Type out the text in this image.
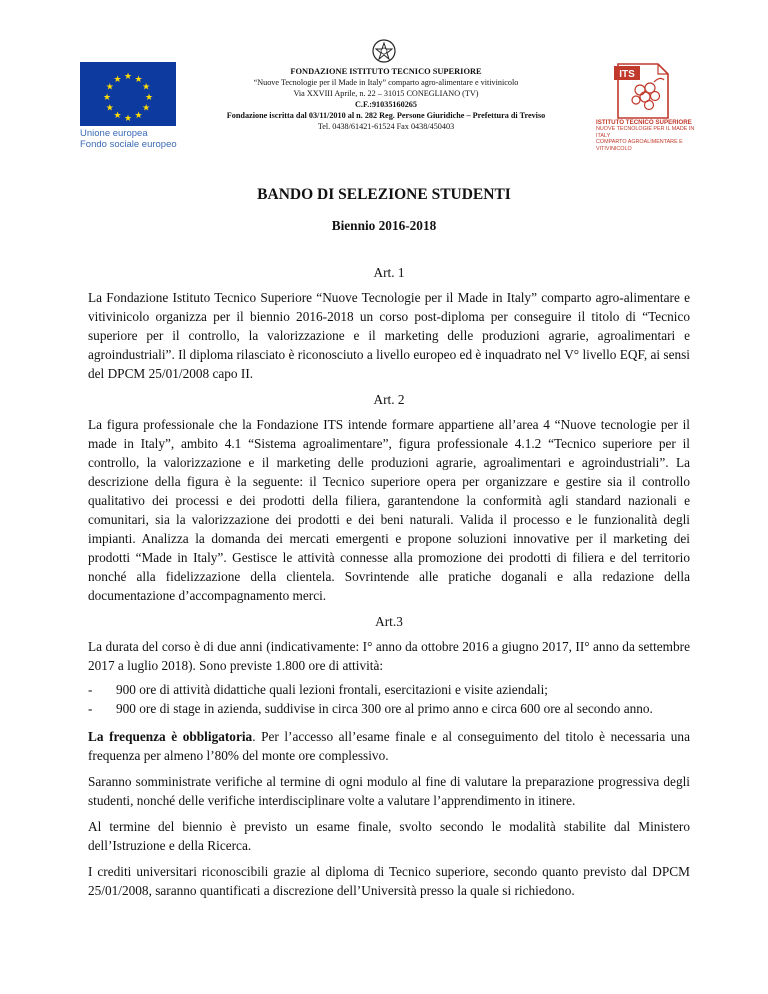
★ ★
★
★
★
★
★
★
★
★
★
★
Unione europea
Fondo sociale europeo
FONDAZIONE ISTITUTO TECNICO SUPERIORE
“Nuove Tecnologie per il Made in Italy” comparto agro-alimentare e vitivinicolo
Via XXVIII Aprile, n. 22 – 31015 CONEGLIANO (TV)
C.F.:91035160265
Fondazione iscritta dal 03/11/2010 al n. 282 Reg. Persone Giuridiche – Prefettura di Treviso
Tel. 0438/61421-61524 Fax 0438/450403
ITS
ISTITUTO TECNICO SUPERIORE
NUOVE TECNOLOGIE PER IL MADE IN ITALY
COMPARTO AGROALIMENTARE E VITIVINICOLO
BANDO DI SELEZIONE STUDENTI
Biennio 2016-2018
Art. 1

La Fondazione Istituto Tecnico Superiore “Nuove Tecnologie per il Made in Italy” comparto agro-alimentare e vitivinicolo organizza per il biennio 2016-2018 un corso post-diploma per conseguire il titolo di “Tecnico superiore per il controllo, la valorizzazione e il marketing delle produzioni agrarie, agroalimentari e agroindustriali”. Il diploma rilasciato è riconosciuto a livello europeo ed è inquadrato nel V° livello EQF, ai sensi del DPCM 25/01/2008 capo II.

Art. 2

La figura professionale che la Fondazione ITS intende formare appartiene all’area 4 “Nuove tecnologie per il made in Italy”, ambito 4.1 “Sistema agroalimentare”, figura professionale 4.1.2 “Tecnico superiore per il controllo, la valorizzazione e il marketing delle produzioni agrarie, agroalimentari e agroindustriali”. La descrizione della figura è la seguente: il Tecnico superiore opera per organizzare e gestire sia il controllo qualitativo dei processi e dei prodotti della filiera, garantendone la conformità agli standard nazionali e comunitari, sia la valorizzazione dei prodotti e dei beni naturali. Valida il processo e le funzionalità degli impianti. Analizza la domanda dei mercati emergenti e propone soluzioni innovative per il marketing dei prodotti “Made in Italy”. Gestisce le attività connesse alla promozione dei prodotti di filiera e del territorio nonché alla fidelizzazione della clientela. Sovrintende alle pratiche doganali e alla redazione della documentazione d’accompagnamento merci.

Art.3

La durata del corso è di due anni (indicativamente: I° anno da ottobre 2016 a giugno 2017, II° anno da settembre 2017 a luglio 2018). Sono previste 1.800 ore di attività:

- 900 ore di attività didattiche quali lezioni frontali, esercitazioni e visite aziendali;
- 900 ore di stage in azienda, suddivise in circa 300 ore al primo anno e circa 600 ore al secondo anno.

La frequenza è obbligatoria. Per l’accesso all’esame finale e al conseguimento del titolo è necessaria una frequenza per almeno l’80% del monte ore complessivo.

Saranno somministrate verifiche al termine di ogni modulo al fine di valutare la preparazione progressiva degli studenti, nonché delle verifiche interdisciplinare volte a valutare l’apprendimento in itinere.

Al termine del biennio è previsto un esame finale, svolto secondo le modalità stabilite dal Ministero dell’Istruzione e della Ricerca.

I crediti universitari riconoscibili grazie al diploma di Tecnico superiore, secondo quanto previsto dal DPCM 25/01/2008, saranno quantificati a discrezione dell’Università presso la quale si richiedono.
